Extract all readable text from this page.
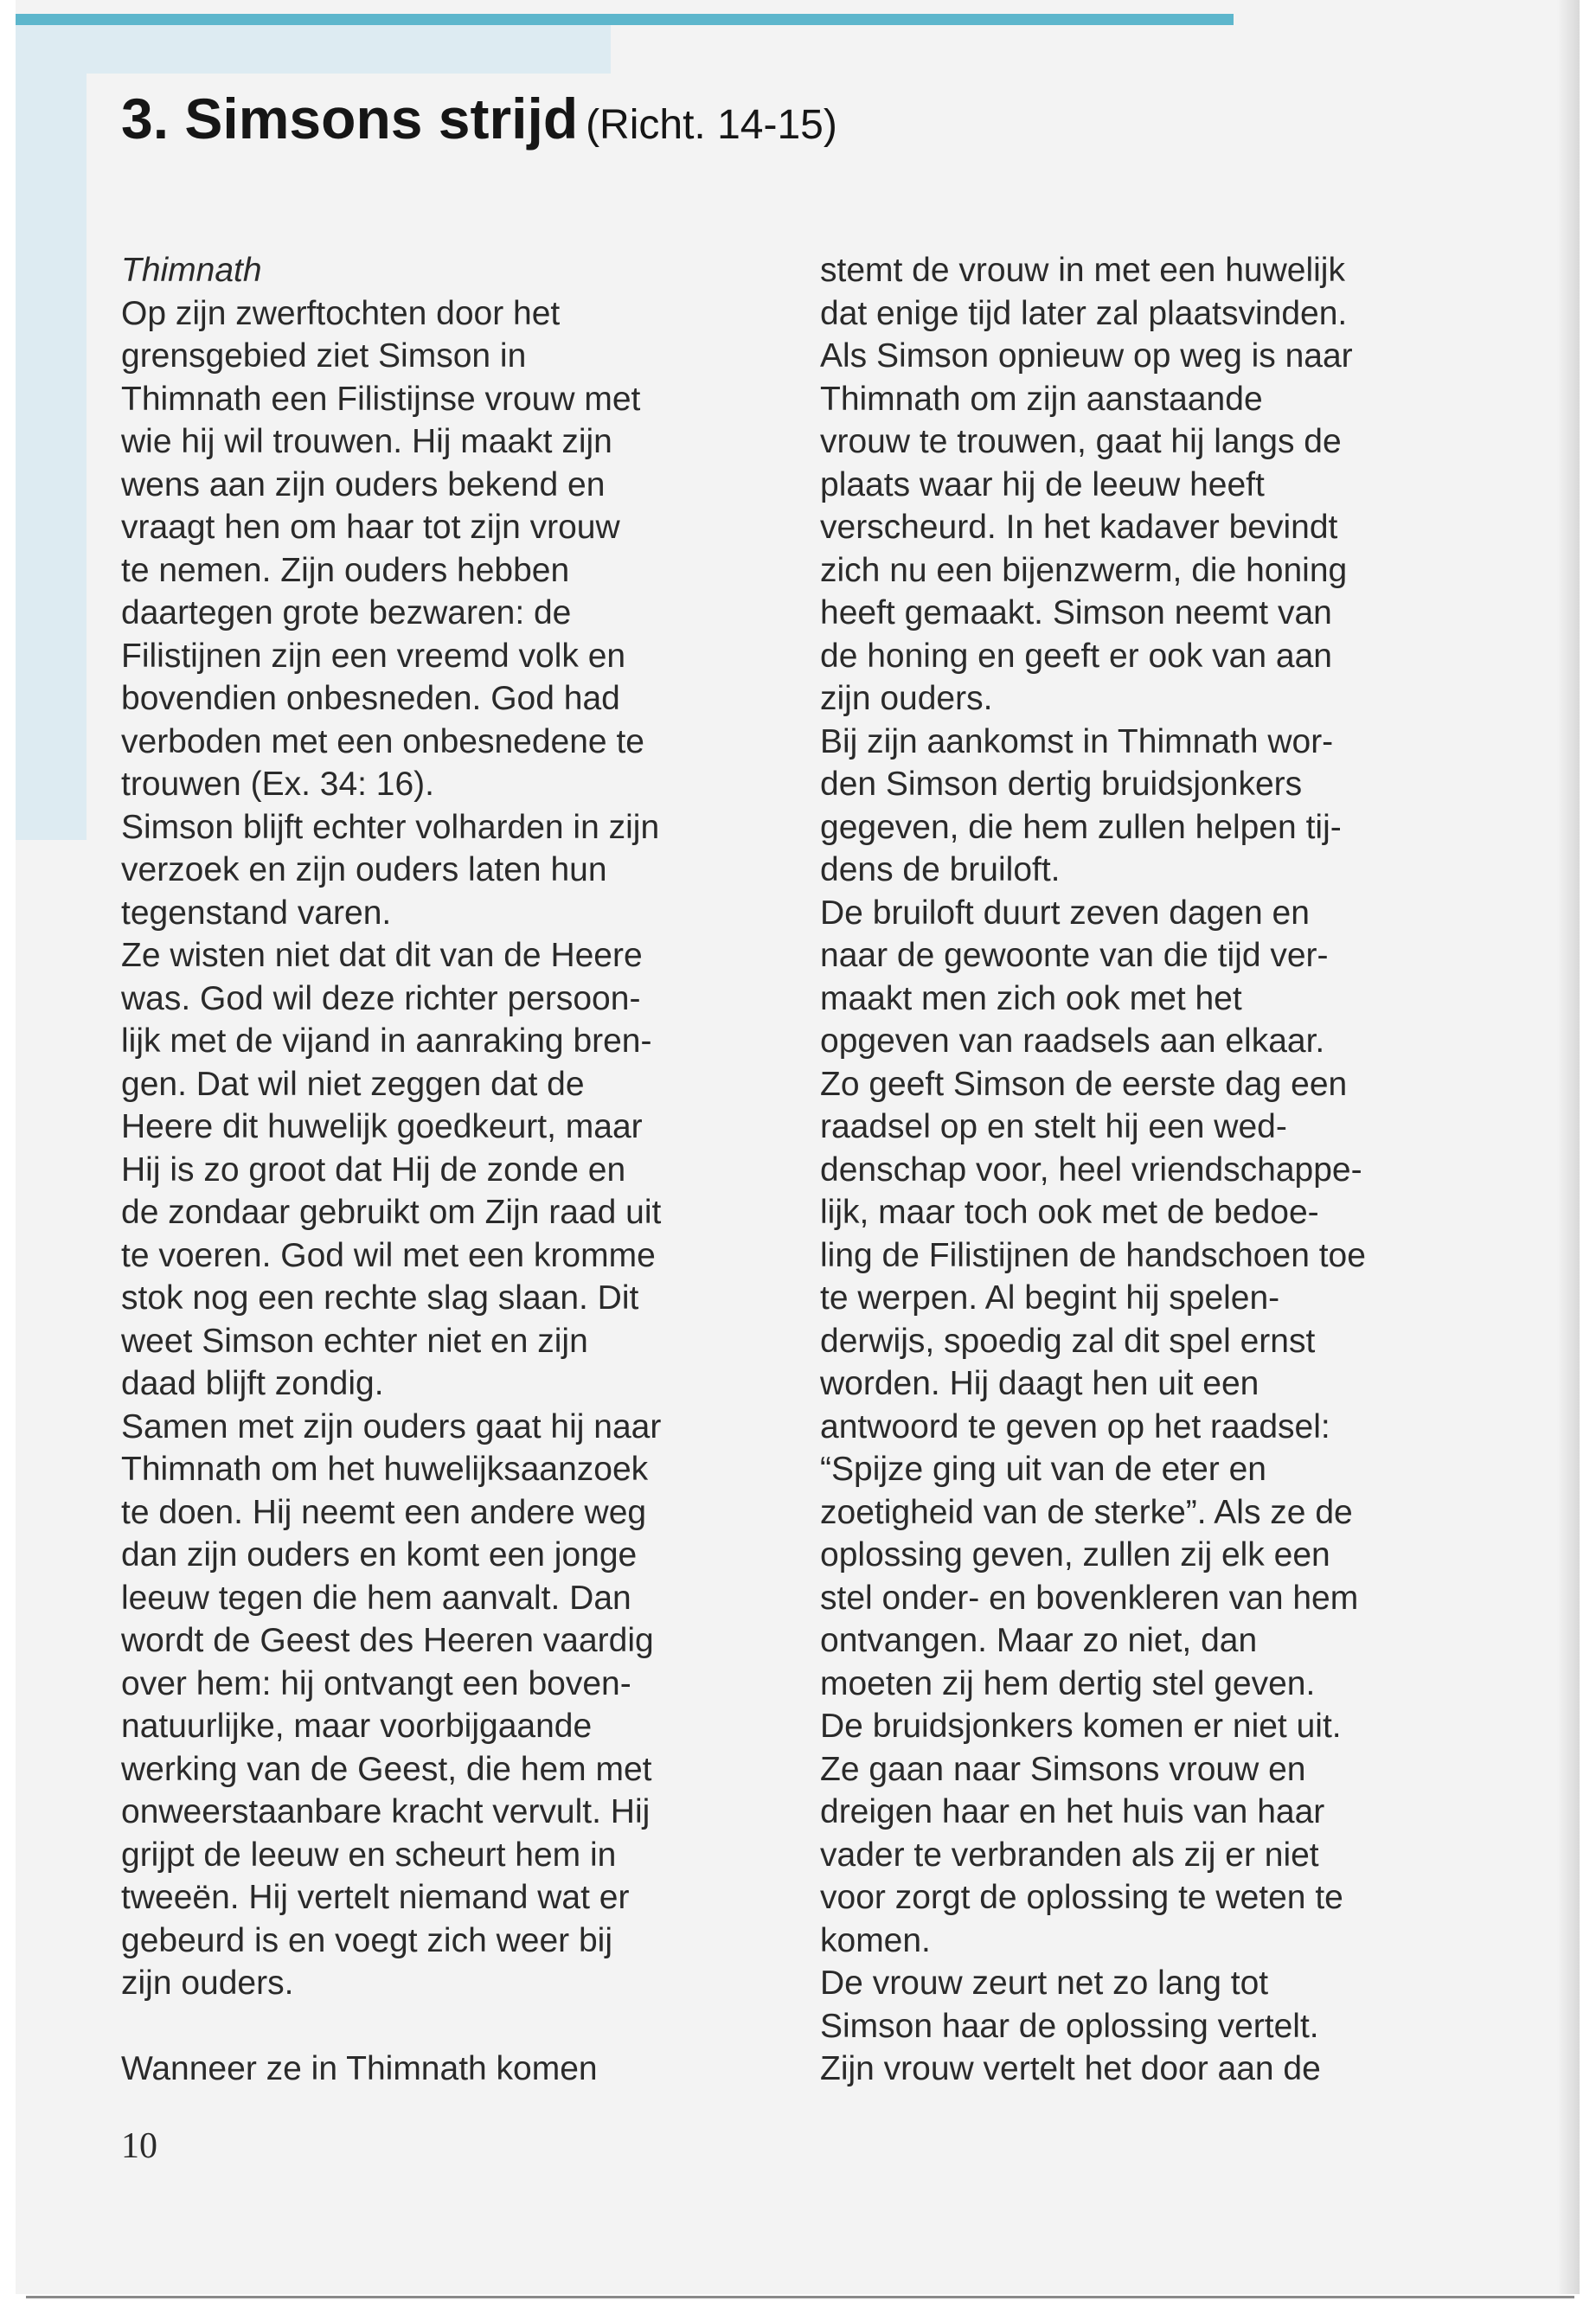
3. Simsons strijd (Richt. 14-15)
Thimnath
Op zijn zwerftochten door het
grensgebied ziet Simson in
Thimnath een Filistijnse vrouw met
wie hij wil trouwen. Hij maakt zijn
wens aan zijn ouders bekend en
vraagt hen om haar tot zijn vrouw
te nemen. Zijn ouders hebben
daartegen grote bezwaren: de
Filistijnen zijn een vreemd volk en
bovendien onbesneden. God had
verboden met een onbesnedene te
trouwen (Ex. 34: 16).
Simson blijft echter volharden in zijn
verzoek en zijn ouders laten hun
tegenstand varen.
Ze wisten niet dat dit van de Heere
was. God wil deze richter persoon-
lijk met de vijand in aanraking bren-
gen. Dat wil niet zeggen dat de
Heere dit huwelijk goedkeurt, maar
Hij is zo groot dat Hij de zonde en
de zondaar gebruikt om Zijn raad uit
te voeren. God wil met een kromme
stok nog een rechte slag slaan. Dit
weet Simson echter niet en zijn
daad blijft zondig.
Samen met zijn ouders gaat hij naar
Thimnath om het huwelijksaanzoek
te doen. Hij neemt een andere weg
dan zijn ouders en komt een jonge
leeuw tegen die hem aanvalt. Dan
wordt de Geest des Heeren vaardig
over hem: hij ontvangt een boven-
natuurlijke, maar voorbijgaande
werking van de Geest, die hem met
onweerstaanbare kracht vervult. Hij
grijpt de leeuw en scheurt hem in
tweeën. Hij vertelt niemand wat er
gebeurd is en voegt zich weer bij
zijn ouders.
Wanneer ze in Thimnath komen
stemt de vrouw in met een huwelijk
dat enige tijd later zal plaatsvinden.
Als Simson opnieuw op weg is naar
Thimnath om zijn aanstaande
vrouw te trouwen, gaat hij langs de
plaats waar hij de leeuw heeft
verscheurd. In het kadaver bevindt
zich nu een bijenzwerm, die honing
heeft gemaakt. Simson neemt van
de honing en geeft er ook van aan
zijn ouders.
Bij zijn aankomst in Thimnath wor-
den Simson dertig bruidsjonkers
gegeven, die hem zullen helpen tij-
dens de bruiloft.
De bruiloft duurt zeven dagen en
naar de gewoonte van die tijd ver-
maakt men zich ook met het
opgeven van raadsels aan elkaar.
Zo geeft Simson de eerste dag een
raadsel op en stelt hij een wed-
denschap voor, heel vriendschappe-
lijk, maar toch ook met de bedoe-
ling de Filistijnen de handschoen toe
te werpen. Al begint hij spelen-
derwijs, spoedig zal dit spel ernst
worden. Hij daagt hen uit een
antwoord te geven op het raadsel:
“Spijze ging uit van de eter en
zoetigheid van de sterke”. Als ze de
oplossing geven, zullen zij elk een
stel onder- en bovenkleren van hem
ontvangen. Maar zo niet, dan
moeten zij hem dertig stel geven.
De bruidsjonkers komen er niet uit.
Ze gaan naar Simsons vrouw en
dreigen haar en het huis van haar
vader te verbranden als zij er niet
voor zorgt de oplossing te weten te
komen.
De vrouw zeurt net zo lang tot
Simson haar de oplossing vertelt.
Zijn vrouw vertelt het door aan de
10
